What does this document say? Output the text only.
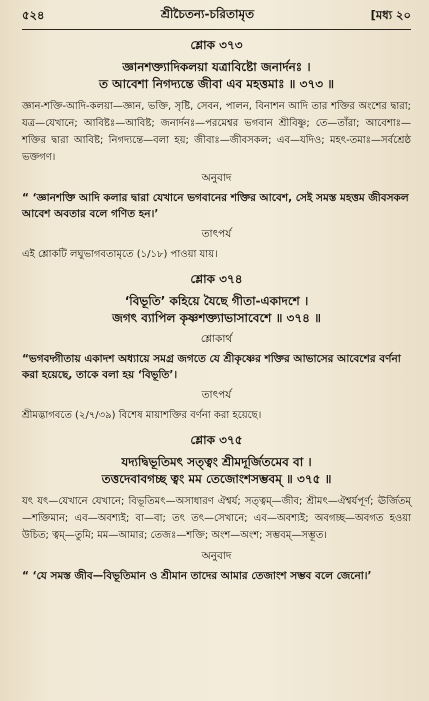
৫২৪	শ্রীচৈতন্য-চরিতামৃত	[মধ্য ২০
শ্লোক ৩৭৩
জ্ঞানশক্ত্যাদিকলয়া যত্রাবিষ্টো জনার্দনঃ ।
ত আবেশা নিগদ্যন্তে জীবা এব মহত্তমাঃ ॥ ৩৭৩ ॥
জ্ঞান-শক্তি-আদি-কলয়া—জ্ঞান, ভক্তি, সৃষ্টি, সেবন, পালন, বিনাশন আদি তার শক্তির অংশের দ্বারা; যত্র—যেখানে; আবিষ্টঃ—আবিষ্ট; জনার্দনঃ—পরমেশ্বর ভগবান শ্রীবিষ্ণু; তে—তাঁরা; আবেশাঃ—শক্তির দ্বারা আবিষ্ট; নিগদ্যন্তে—বলা হয়; জীবাঃ—জীবসকল; এব—যদিও; মহৎ-তমাঃ—সর্বশ্রেষ্ঠ ভক্তগণ।
অনুবাদ
“ ‘জ্ঞানশক্তি আদি কলার দ্বারা যেখানে ভগবানের শক্তির আবেশ, সেই সমস্ত মহত্তম জীবসকল আবেশ অবতার বলে গণিত হন।’
তাৎপর্য
এই শ্লোকটি লঘুভাগবতামৃতে (১/১৮) পাওয়া যায়।
শ্লোক ৩৭৪
‘বিভূতি’ কহিয়ে যৈছে গীতা-একাদশে ।
জগৎ ব্যাপিল কৃষ্ণশক্ত্যাভাসাবেশে ॥ ৩৭৪ ॥
শ্লোকার্থ
“ভগবদ্গীতায় একাদশ অধ্যায়ে সমগ্র জগতে যে শ্রীকৃষ্ণের শক্তির আভাসের আবেশের বর্ণনা করা হয়েছে, তাকে বলা হয় ‘বিভূতি’।
তাৎপর্য
শ্রীমদ্ভাগবতে (২/৭/৩৯) বিশেষ মায়াশক্তির বর্ণনা করা হয়েছে।
শ্লোক ৩৭৫
যদ্যদ্বিভূতিমৎ সত্ত্বং শ্রীমদূর্জিতমেব বা ।
তত্তদেবাবগচ্ছ ত্বং মম তেজোংশসম্ভবম্ ॥ ৩৭৫ ॥
যৎ যৎ—যেখানে যেখানে; বিভূতিমৎ—অসাধারণ ঐশ্বর্য; সত্ত্বম্—জীব; শ্রীমৎ—ঐশ্বর্যপূর্ণ; ঊর্জিতম্—শক্তিমান; এব—অবশ্যই; বা—বা; তৎ তৎ—সেখানে; এব—অবশ্যই; অবগচ্ছ—অবগত হওয়া উচিত; ত্বম্—তুমি; মম—আমার; তেজঃ—শক্তি; অংশ—অংশ; সম্ভবম্—সম্ভূত।
অনুবাদ
“ ‘যে সমস্ত জীব—বিভূতিমান ও শ্রীমান তাদের আমার তেজাংশ সম্ভব বলে জেনো।’
